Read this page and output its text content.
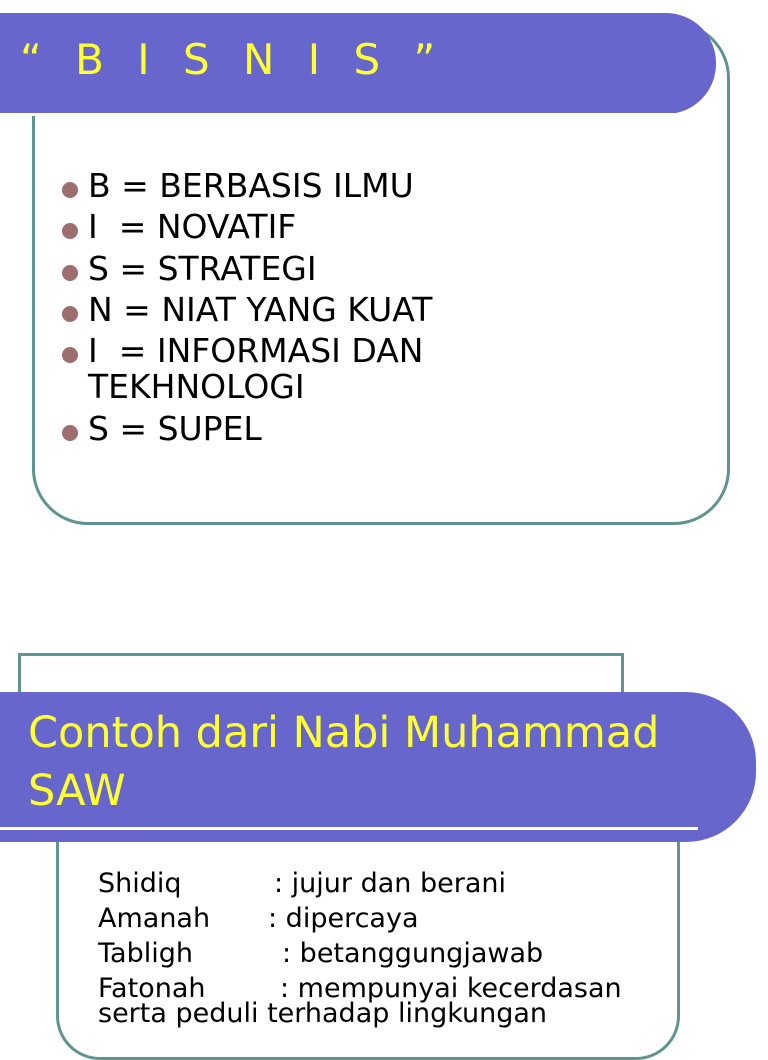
“ B I S N I S ”
B = BERBASIS ILMU
I  = NOVATIF
S = STRATEGI
N = NIAT YANG KUAT
I  = INFORMASI DAN
TEKHNOLOGI
S = SUPEL
Contoh dari Nabi Muhammad SAW
Shidiq	: jujur dan berani
Amanah : dipercaya
Tabligh	: betanggungjawab
Fatonah	: mempunyai kecerdasan
serta peduli terhadap lingkungan
